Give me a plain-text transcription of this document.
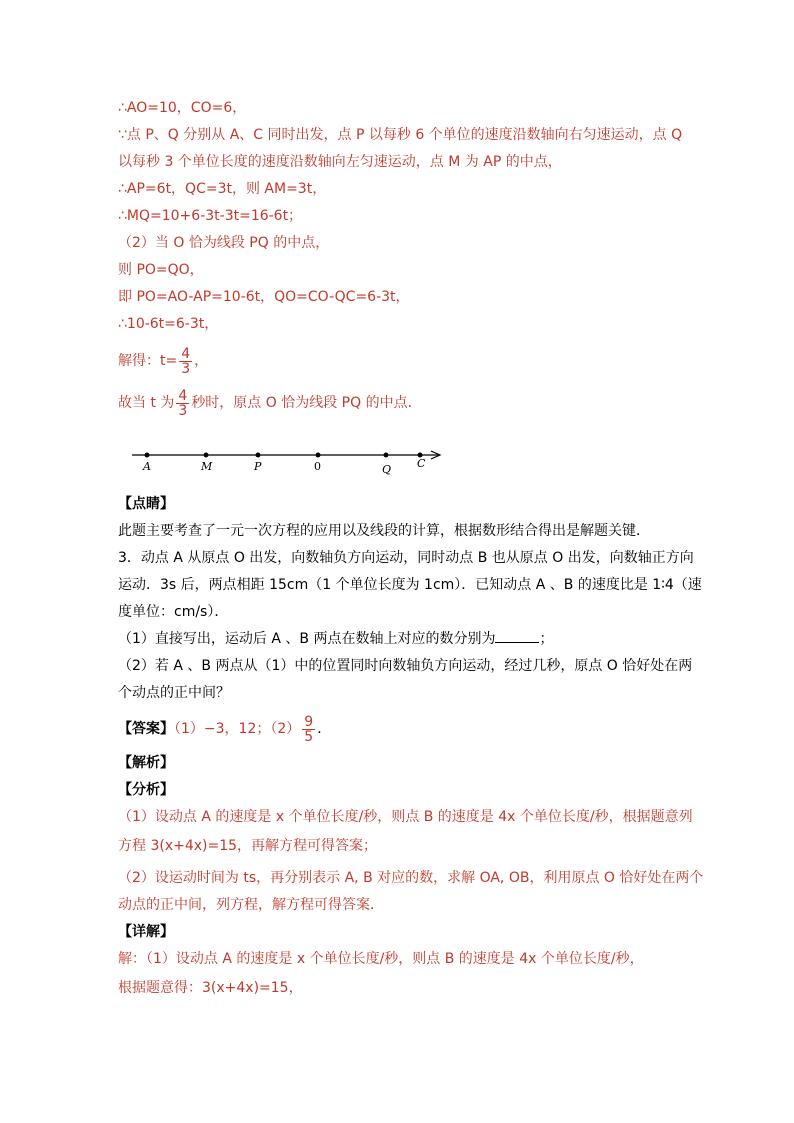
∴AO=10，CO=6，
∵点 P、Q 分别从 A、C 同时出发，点 P 以每秒 6 个单位的速度沿数轴向右匀速运动，点 Q
以每秒 3 个单位长度的速度沿数轴向左匀速运动，点 M 为 AP 的中点，
∴AP=6t，QC=3t，则 AM=3t，
∴MQ=10+6-3t-3t=16-6t；
（2）当 O 恰为线段 PQ 的中点，
则 PO=QO，
即 PO=AO-AP=10-6t，QO=CO-QC=6-3t，
∴10-6t=6-3t，
解得：$t= \frac{4}{3}$ ，
故当 t 为 $\frac{4}{3}$ 秒时，原点 O 恰为线段 PQ 的中点．
A	M	P	0	Q C
【点睛】
此题主要考查了一元一次方程的应用以及线段的计算，根据数形结合得出是解题关键．
3．动点 A 从原点 O 出发，向数轴负方向运动，同时动点 B 也从原点 O 出发，向数轴正方向
运动．3s 后，两点相距 15cm（1 个单位长度为 1cm）．已知动点 A 、B 的速度比是 1∶4（速
度单位：cm/s）．
（1）直接写出，运动后 A 、B 两点在数轴上对应的数分别为	；
（2）若 A 、B 两点从（1）中的位置同时向数轴负方向运动，经过几秒，原点 O 恰好处在两
个动点的正中间？
【答案】（1）−3，12；$(2) \frac{9}{5}$ ．
【解析】
【分析】
（1）设动点 A 的速度是 x 个单位长度/秒，则点 B 的速度是 4x 个单位长度/秒，根据题意列
方程 3(x+4x)=15，再解方程可得答案；
（2）设运动时间为 ts，再分别表示 A, B 对应的数，求解 OA, OB，利用原点 O 恰好处在两个
动点的正中间，列方程，解方程可得答案．
【详解】
解：（1）设动点 A 的速度是 x 个单位长度/秒，则点 B 的速度是 4x 个单位长度/秒，
根据题意得：3(x+4x)=15，
